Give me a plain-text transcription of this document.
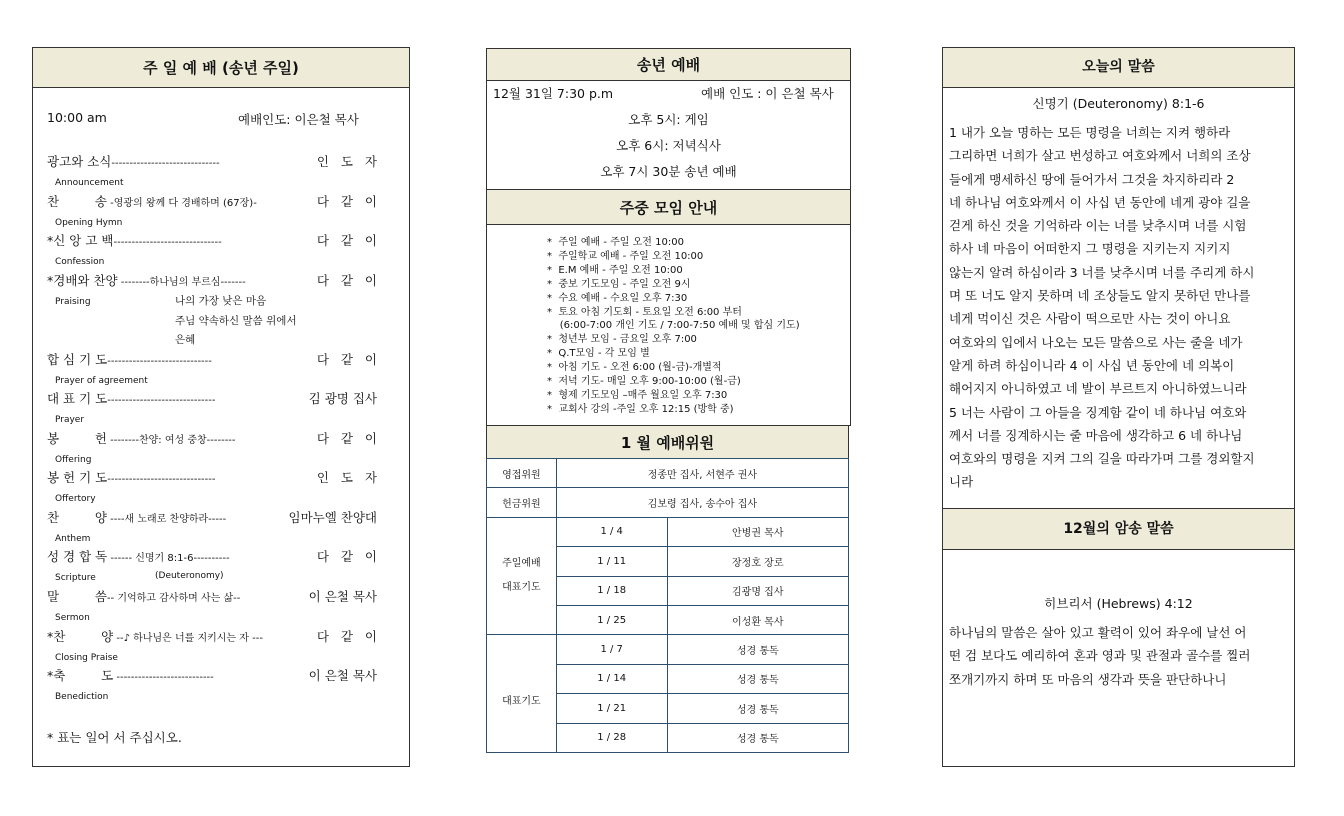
주 일 예 배 (송년 주일)
10:00 am	예배인도: 이은철 목사
광고와 소식 ------------------------------	인   도   자
Announcement
찬         송 -영광의 왕께 다 경배하며 (67장)-	다   같   이
Opening Hymn
*신 앙 고 백 ------------------------------	다   같   이
Confession
*경배와 찬양 --------하나님의 부르심-------	다   같   이
Praising
합 심 기 도 -----------------------------	다   같   이
Prayer of agreement
대 표 기 도 ------------------------------	김 광명 집사
Prayer
봉         헌 --------찬양: 여성 중창--------	다   같   이
Offering
봉 헌 기 도 ------------------------------	인   도   자
Offertory
찬         양 ----새 노래로 찬양하라-----	임마누엘 찬양대
Anthem
성 경 합 독 ------ 신명기 8:1-6----------	다   같   이
Scripture
말         씀 -- 기억하고 감사하며 사는 삶--	이 은철 목사
Sermon
*찬         양 --♪ 하나님은 너를 지키시는 자 ---	다   같   이
Closing Praise
*축         도 ---------------------------	이 은철 목사
Benediction
나의 가장 낮은 마음
주님 약속하신 말씀 위에서
은혜
(Deuteronomy)
* 표는 일어 서 주십시오.
송년 예배
12월 31일 7:30 p.m	예배 인도 : 이 은철 목사
오후 5시: 게임
오후 6시: 저녁식사
오후 7시 30분 송년 예배
주중 모임 안내
*  주일 예배 - 주일 오전 10:00
*  주일학교 예배 - 주일 오전 10:00
*  E.M 예배 - 주일 오전 10:00
*  중보 기도모임 - 주일 오전 9시
*  수요 예배 - 수요일 오후 7:30
*  토요 아침 기도회 - 토요일 오전 6:00 부터
(6:00-7:00 개인 기도 / 7:00-7:50 예배 및 합심 기도)
*  청년부 모임 - 금요일 오후 7:00
*  Q.T모임 - 각 모임 별
*  아침 기도 - 오전 6:00 (월-금)-개별적
*  저녁 기도- 매일 오후 9:00-10:00 (월-금)
*  형제 기도모임 –매주 월요일 오후 7:30
*  교회사 강의 -주일 오후 12:15 (방학 중)
1 월 예배위원
영접위원	정종만 집사, 서현주 권사	
헌금위원	김보령 집사, 송수아 집사	
주일예배
대표기도	1 / 4	안병권 목사
	1 / 11	장정호 장로
	1 / 18	김광명 집사
	1 / 25	이성환 목사
대표기도	1 / 7	성경 통독
	1 / 14	성경 통독
	1 / 21	성경 통독
	1 / 28	성경 통독
오늘의 말씀
신명기 (Deuteronomy) 8:1-6
1 내가 오늘 명하는 모든 명령을 너희는 지켜 행하라
그리하면 너희가 살고 번성하고 여호와께서 너희의 조상
들에게 맹세하신 땅에 들어가서 그것을 차지하리라 2
네 하나님 여호와께서 이 사십 년 동안에 네게 광야 길을
걷게 하신 것을 기억하라 이는 너를 낮추시며 너를 시험
하사 네 마음이 어떠한지 그 명령을 지키는지 지키지
않는지 알려 하심이라 3 너를 낮추시며 너를 주리게 하시
며 또 너도 알지 못하며 네 조상들도 알지 못하던 만나를
네게 먹이신 것은 사람이 떡으로만 사는 것이 아니요
여호와의 입에서 나오는 모든 말씀으로 사는 줄을 네가
알게 하려 하심이니라 4 이 사십 년 동안에 네 의복이
해어지지 아니하였고 네 발이 부르트지 아니하였느니라
5 너는 사람이 그 아들을 징계함 같이 네 하나님 여호와
께서 너를 징계하시는 줄 마음에 생각하고 6 네 하나님
여호와의 명령을 지켜 그의 길을 따라가며 그를 경외할지
니라
12월의 암송 말씀
히브리서 (Hebrews) 4:12
하나님의 말씀은 살아 있고 활력이 있어 좌우에 날선 어
떤 검 보다도 예리하여 혼과 영과 및 관절과 골수를 찔러
쪼개기까지 하며 또 마음의 생각과 뜻을 판단하나니
